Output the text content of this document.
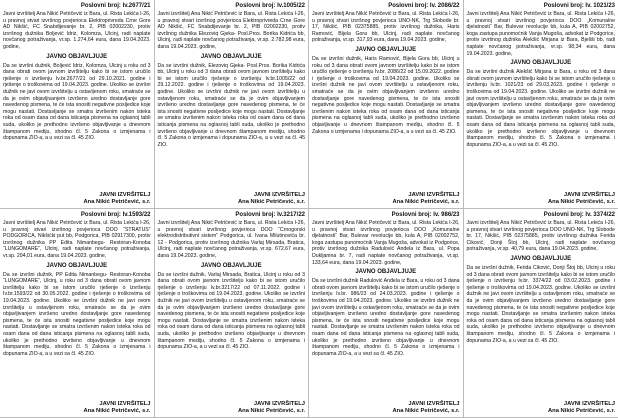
Poslovni broj: Iv.2677/21

Javni izvršitelj Ana Nikić Petričević iz Bara, ul. Rista Lekića I-26, u pravnoj stvari izvršnog povjerioca Elektroprivreda Crne Gore AD Nikšić, FC Snabdijevanje br. 2, PIB 02002230, protiv izvršnog dužnika Boljević Idriz, Kolomza, Ulcinj, radi naplate novčanog potraživanja, vr.sp. 1.274,64 eura, dana 19.04.2023. godine,

JAVNO OBJAVLJUJE

Da se izvršni dužnik, Boljević Idriz, Kolomza, Ulcinj u roku od 3 dana obrati ovom javnom izvršitelju kako bi se istom uručilo rješenje o izvršenju Iv.br.2677/21 od 29.10.2021. godine i rješenje o troškovima od 19.04.2023. godine. Ukoliko se izvršni dužnik ne javi ovom izvršitelju u ostavljenom roku, smatraće se da je ovim objavljivanjem izvršeno uredno dostavljanje gore navedenog pismena, te će ista snositi negativne posljedice koje mogu nastati. Dostavljanje se smatra izvršenim nakon isteka roka od osam dana od dana isticanja pismena na oglasnoj tabli suda, ukoliko je prethodno izvršeno objavljivanje u dnevnom štampanom mediju, shodno čl. 5 Zakona o izmjenama i dopunama ZIO-a, a u vezi sa čl. 45 ZIO.

JAVNI IZVRŠITELJ
Ana Nikić Petričević, s.r.
Poslovni broj: Iv.1005/22

Javni izvršitelj Ana Nikić Petričević iz Bara, ul. Rista Lekića I-26, u pravnoj stvari izvršnog povjerioca Elektroprivreda Crne Gore AD Nikšić, FC Snabdijevanje br. 2, PIB 02002230, protiv izvršnog dužnika Elezoviq Gjeka- Posl.Pros. Borika Kidrića bb, Ulcinj, radi naplate novčanog potraživanja, vr.sp. 2.782,98 eura, dana 19.04.2023. godine,

JAVNO OBJAVLJUJE

Da se izvršni dužnik, Elezoviq Gjeka- Posl.Pros. Borika Kidrića bb, Ulcinj u roku od 3 dana obrati ovom javnom izvršitelju kako bi se istom uručilo rješenje o izvršenju Iv.br.1005/22 od 29.12.2022. godine i rješenje o troškovima od 19.04.2023. godine. Ukoliko se izvršni dužnik ne javi ovom izvršitelju u ostavljenom roku, smatraće se da je ovim objavljivanjem izvršeno uredno dostavljanje gore navedenog pismena, te će ista snositi negativne posljedice koje mogu nastati. Dostavljanje se smatra izvršenim nakon isteka roka od osam dana od dana isticanja pismena na oglasnoj tabli suda, ukoliko je prethodno izvršeno objavljivanje u dnevnom štampanom mediju, shodno čl. 5 Zakona o izmjenama i dopunama ZIO-a, a u vezi sa čl. 45 ZIO.

JAVNI IZVRŠITELJ
Ana Nikić Petričević, s.r.
Poslovni broj: Iv. 2086/22

Javni izvršitelj Ana Nikić Petričević iz Bara, ul. Rista Lekića I-26, u pravnoj stvari izvršnog povjerioca UNO-NK, Trg Slobode br. 17, Nikšić, PIB 02375885, protiv izvršnog dužnika, Haris Ramović, Bijela Gora bb, Ulcinj, radi naplate novčanog potraživanja, vr.sp. 317,93 eura, dana 19.04.2023. godine,

JAVNO OBJAVLJUJE

Da se izvršni dužnik, Haris Ramović, Bijela Gora bb, Ulcinj u roku od 3 dana obrati ovom javnom izvršitelju kako bi se istom uručilo rješenje o izvršenju Iv.br. 2086/22 od 15.09.2022. godine i rješenje o troškovima od 19.04.2023. godine. Ukoliko se izvršni dužnik ne javi ovom izvršitelju u ostavljenom roku, smatraće se da je ovim objavljivanjem izvršeno uredno dostavljanje gore navedenog pismena, te će ista snositi negativne posljedice koje mogu nastati. Dostavljanje se smatra izvršenim nakon isteka roka od osam dana od dana isticanja pismena na oglasnoj tabli suda, ukoliko je prethodno izvršeno objavljivanje u dnevnom štampanom mediju, shodno čl. 5 Zakona o izmjenama i dopunama ZIO-a, a u vezi sa čl. 45 ZIO.

JAVNI IZVRŠITELJ
Ana Nikić Petričević, s.r.
Poslovni broj: Iv. 1021/23

Javni izvršitelj Ana Nikić Petričević iz Bara, ul. Rista Lekića I-26, u pravnoj stvari izvršnog povjerioca DOO „Komunalne djelatnosti“ Bar, Bulevar revolucije bb, kula A, PIB 02002752, koga zastupa punomoćnik Vanja Mugoša, advokat iz Podgorice, protiv izvršnog dužnika Alekšić Mirjana iz Bara, Bjeliši bb, radi naplate novčanog potraživanja, vr.sp. 98,34 eura, dana 19.04.2023. godine,

JAVNO OBJAVLJUJE

Da se izvršni dužnik Alekšić Mirjana iz Bara, u roku od 3 dana obrati ovom javnom izvršitelju kako bi se istom uručilo rješenje o izvršenju Iv.br. 1021/23 od 29.03.2023. godine i rješenje o troškovima od 19.04.2023. godine. Ukoliko se izvršni dužnik ne javi ovom izvršitelju u ostavljenom roku, smatraće se da je ovim objavljivanjem izvršeno uredno dostavljanje gore navedenog pismena, te će ista snositi negativne posljedice koje mogu nastati. Dostavljanje se smatra izvršenim nakon isteka roka od osam dana od dana isticanja pismena na oglasnoj tabli suda, ukoliko je prethodno izvršeno objavljivanje u dnevnom štampanom mediju, shodno čl. 5 Zakona o izmjenama i dopunama ZIO-a, a u vezi sa čl. 45 ZIO.

JAVNI IZVRŠITELJ
Ana Nikić Petričević, s.r.
Poslovni broj: Iv.1593/22

Javni izvršitelj Ana Nikić Petričević iz Bara, ul. Rista Lekića I-26, u pravnoj stvari izvršnog povjerioca DOO “STRATUS” PODGORICA, Nikšićki put bb, Podgorica, PIB 02917300, protiv izvršnog dužnika PP Edita Nimanbegu- Restoran-Konoba “LUNGOMARE”, Ulcinj, radi naplate novčanog potraživanja, vr.sp. 204,01 eura, dana 19.04.2023. godine,

JAVNO OBJAVLJUJE

Da se izvršni dužnik, PP Edita Nimanbegu- Restoran-Konoba “LUNGOMARE”, Ulcinj, u roku od 3 dana obrati ovom javnom izvršitelju kako bi se istom uručilo rješenje o izvršenju Iv.br.1593/22 od 30.05.2022. godine i rješenje o troškovima od 19.04.2023. godine. Ukoliko se izvršni dužnik ne javi ovom izvršitelju u ostavljenom roku, smatraće se da je ovim objavljivanjem izvršeno uredno dostavljanje gore navedenog pismena, te će ista snositi negativne posljedice koje mogu nastati. Dostavljanje se smatra izvršenim nakon isteka roka od osam dana od dana isticanja pismena na oglasnoj tabli suda, ukoliko je prethodno izvršeno objavljivanje u dnevnom štampanom mediju, shodno čl. 5 Zakona o izmjenama i dopunama ZIO-a, a u vezi sa čl. 45 ZIO.

JAVNI IZVRŠITELJ
Ana Nikić Petričević, s.r.
Poslovni broj: Iv.3217/22

Javni izvršitelj Ana Nikić Petričević iz Bara, ul. Rista Lekića I-26, u pravnoj stvari izvršnog povjerioca DOO “Crnogorski elektrodistributivni sistem” Podgorica, ul. Ivana Milutinovića br. 12 - Podgorica, protiv izvršnog dužnika Varlaj Mirsada, Bratica, Ulcinj, radi naplate novčanog potraživanja, vr.sp. 672,67 eura, dana 19.04.2023. godine,

JAVNO OBJAVLJUJE

Da se izvršni dužnik, Varlaj Mirsada, Bratica, Ulcinj u roku od 3 dana obrati ovom javnom izvršitelju kako bi se istom uručilo rješenje o izvršenju Iv.br.3217/22 od 07.11.2022. godine i rješenje o troškovima od 19.04.2023. godine. Ukoliko se izvršni dužnik ne javi ovom izvršitelju u ostavljenom roku, smatraće se da je ovim objavljivanjem izvršeno uredno dostavljanje gore navedenog pismena, te će ista snositi negativne posljedice koje mogu nastati. Dostavljanje se smatra izvršenim nakon isteka roka od osam dana od dana isticanja pismena na oglasnoj tabli suda, ukoliko je prethodno izvršeno objavljivanje u dnevnom štampanom mediju, shodno čl. 5 Zakona o izmjenama i dopunama ZIO-a, a u vezi sa čl. 45 ZIO.

JAVNI IZVRŠITELJ
Ana Nikić Petričević, s.r.
Poslovni broj: Iv. 986/23

Javni izvršitelj Ana Nikić Petričević iz Bara, ul. Rista Lekića I-26, u pravnoj stvari izvršnog povjerioca DOO „Komunalne djelatnosti“ Bar, Bulevar revolucije bb, kula A, PIB 02002752, koga zastupa punomoćnik Vanja Mugoša, advokat iz Podgorice, protiv izvršnog dužnika Radulović Anđela iz Bara, ul. Popa Dukljanina br. 7, radi naplate novčanog potraživanja, vr.sp. 133,64 eura, dana 19.04.2023. godine,

JAVNO OBJAVLJUJE

Da se izvršni dužnik Radulović Anđela iz Bara, u roku od 3 dana obrati ovom javnom izvršitelju kako bi se istom uručilo rješenje o izvršenju Iv.br. 986/23 od 24.03.2023. godine i rješenje o troškovima od 19.04.2023. godine. Ukoliko se izvršni dužnik ne javi ovom izvršitelju u ostavljenom roku, smatraće se da je ovim objavljivanjem izvršeno uredno dostavljanje gore navedenog pismena, te će ista snositi negativne posljedice koje mogu nastati. Dostavljanje se smatra izvršenim nakon isteka roka od osam dana od dana isticanja pismena na oglasnoj tabli suda, ukoliko je prethodno izvršeno objavljivanje u dnevnom štampanom mediju, shodno čl. 5 Zakona o izmjenama i dopunama ZIO-a, a u vezi sa čl. 45 ZIO.

JAVNI IZVRŠITELJ
Ana Nikić Petričević, s.r.
Poslovni broj: Iv. 3374/22

Javni izvršitelj Ana Nikić Petričević iz Bara, ul. Rista Lekića I-26, u pravnoj stvari izvršnog povjerioca DOO UNO-NK, Trg Slobode br. 17, Nikšić, PIB 02375885, protiv izvršnog dužnika Ferida Ciković, Donji Štoj bb, Ulcinj, radi naplate novčanog potraživanja, vr.sp. 40,79 eura, dana 19.04.2023. godine,

JAVNO OBJAVLJUJE

Da se izvršni dužnik, Ferida Ciković, Donji Štoj bb, Ulcinj u roku od 3 dana obrati ovom javnom izvršitelju kako bi se istom uručilo rješenje o izvršenju Iv.br. 3374/22 od 03.02.2023. godine i rješenje o troškovima od 19.04.2023. godine. Ukoliko se izvršni dužnik ne javi ovom izvršitelju u ostavljenom roku, smatraće se da je ovim objavljivanjem izvršeno uredno dostavljanje gore navedenog pismena, te će ista snositi negativne posljedice koje mogu nastati. Dostavljanje se smatra izvršenim nakon isteka roka od osam dana od dana isticanja pismena na oglasnoj tabli suda, ukoliko je prethodno izvršeno objavljivanje u dnevnom štampanom mediju, shodno čl. 5 Zakona o izmjenama i dopunama ZIO-a, a u vezi sa čl. 45 ZIO.

JAVNI IZVRŠITELJ
Ana Nikić Petričević, s.r.
